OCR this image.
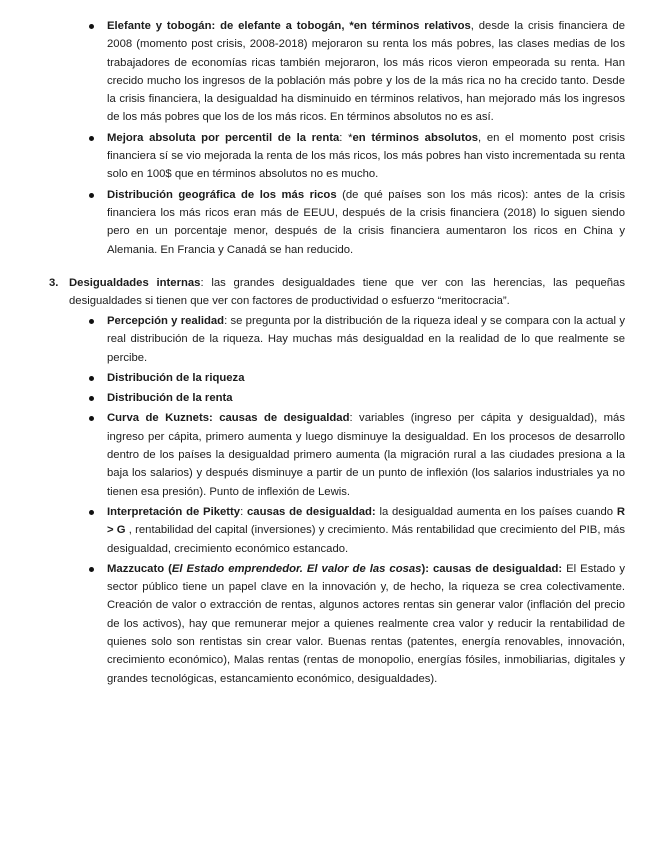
Elefante y tobogán: de elefante a tobogán, *en términos relativos, desde la crisis financiera de 2008 (momento post crisis, 2008-2018) mejoraron su renta los más pobres, las clases medias de los trabajadores de economías ricas también mejoraron, los más ricos vieron empeorada su renta. Han crecido mucho los ingresos de la población más pobre y los de la más rica no ha crecido tanto. Desde la crisis financiera, la desigualdad ha disminuido en términos relativos, han mejorado más los ingresos de los más pobres que los de los más ricos. En términos absolutos no es así.
Mejora absoluta por percentil de la renta: *en términos absolutos, en el momento post crisis financiera sí se vio mejorada la renta de los más ricos, los más pobres han visto incrementada su renta solo en 100$ que en términos absolutos no es mucho.
Distribución geográfica de los más ricos (de qué países son los más ricos): antes de la crisis financiera los más ricos eran más de EEUU, después de la crisis financiera (2018) lo siguen siendo pero en un porcentaje menor, después de la crisis financiera aumentaron los ricos en China y Alemania. En Francia y Canadá se han reducido.
3. Desigualdades internas: las grandes desigualdades tiene que ver con las herencias, las pequeñas desigualdades si tienen que ver con factores de productividad o esfuerzo “meritocracia”.
Percepción y realidad: se pregunta por la distribución de la riqueza ideal y se compara con la actual y real distribución de la riqueza. Hay muchas más desigualdad en la realidad de lo que realmente se percibe.
Distribución de la riqueza
Distribución de la renta
Curva de Kuznets: causas de desigualdad: variables (ingreso per cápita y desigualdad), más ingreso per cápita, primero aumenta y luego disminuye la desigualdad. En los procesos de desarrollo dentro de los países la desigualdad primero aumenta (la migración rural a las ciudades presiona a la baja los salarios) y después disminuye a partir de un punto de inflexión (los salarios industriales ya no tienen esa presión). Punto de inflexión de Lewis.
Interpretación de Piketty: causas de desigualdad: la desigualdad aumenta en los países cuando R > G , rentabilidad del capital (inversiones) y crecimiento. Más rentabilidad que crecimiento del PIB, más desigualdad, crecimiento económico estancado.
Mazzucato (El Estado emprendedor. El valor de las cosas): causas de desigualdad: El Estado y sector público tiene un papel clave en la innovación y, de hecho, la riqueza se crea colectivamente. Creación de valor o extracción de rentas, algunos actores rentas sin generar valor (inflación del precio de los activos), hay que remunerar mejor a quienes realmente crea valor y reducir la rentabilidad de quienes solo son rentistas sin crear valor. Buenas rentas (patentes, energía renovables, innovación, crecimiento económico), Malas rentas (rentas de monopolio, energías fósiles, inmobiliarias, digitales y grandes tecnológicas, estancamiento económico, desigualdades).
